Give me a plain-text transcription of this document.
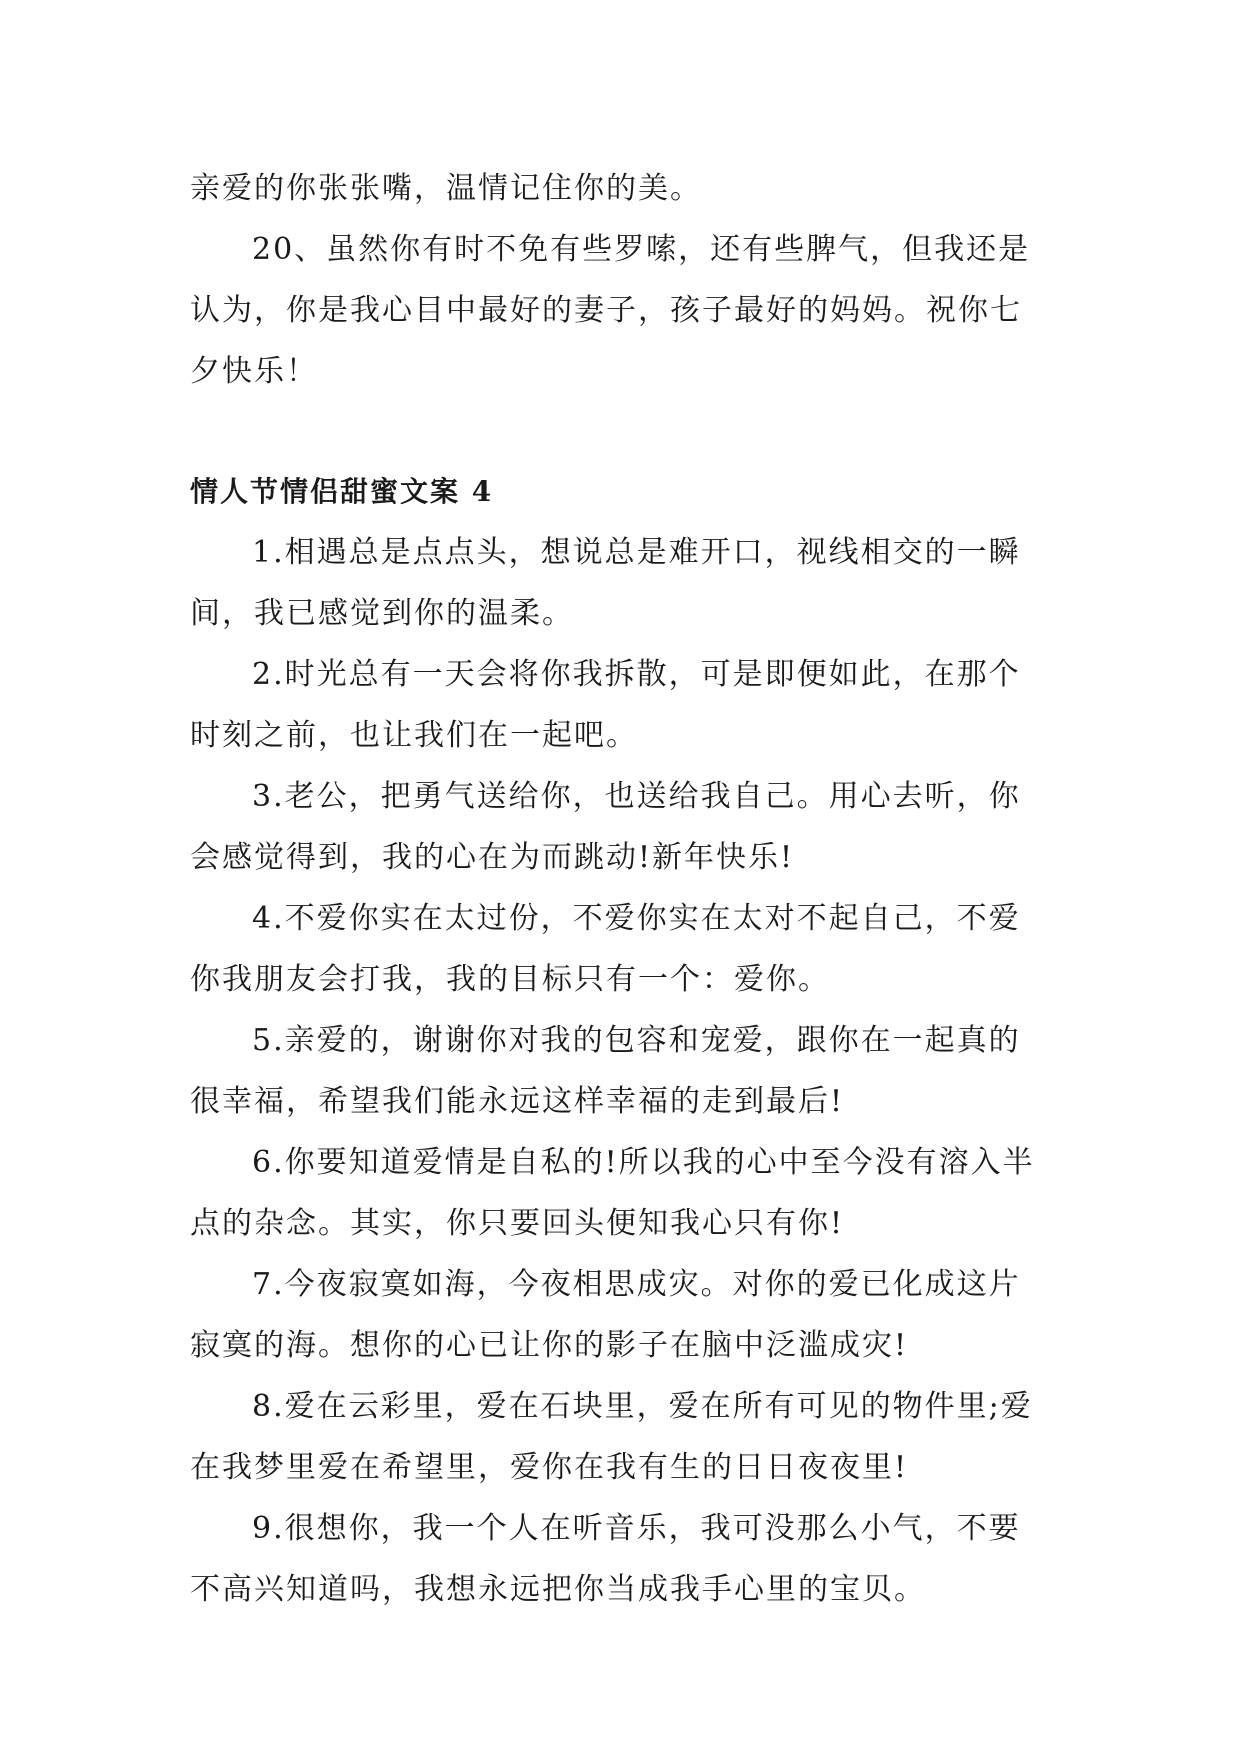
亲爱的你张张嘴，温情记住你的美。

20、虽然你有时不免有些罗嗦，还有些脾气，但我还是认为，你是我心目中最好的妻子，孩子最好的妈妈。祝你七夕快乐！

情人节情侣甜蜜文案 4

1.相遇总是点点头，想说总是难开口，视线相交的一瞬间，我已感觉到你的温柔。

2.时光总有一天会将你我拆散，可是即便如此，在那个时刻之前，也让我们在一起吧。

3.老公，把勇气送给你，也送给我自己。用心去听，你会感觉得到，我的心在为而跳动!新年快乐!

4.不爱你实在太过份，不爱你实在太对不起自己，不爱你我朋友会打我，我的目标只有一个：爱你。

5.亲爱的，谢谢你对我的包容和宠爱，跟你在一起真的很幸福，希望我们能永远这样幸福的走到最后!

6.你要知道爱情是自私的!所以我的心中至今没有溶入半点的杂念。其实，你只要回头便知我心只有你!

7.今夜寂寞如海，今夜相思成灾。对你的爱已化成这片寂寞的海。想你的心已让你的影子在脑中泛滥成灾!

8.爱在云彩里，爱在石块里，爱在所有可见的物件里;爱在我梦里爱在希望里，爱你在我有生的日日夜夜里!

9.很想你，我一个人在听音乐，我可没那么小气，不要不高兴知道吗，我想永远把你当成我手心里的宝贝。
